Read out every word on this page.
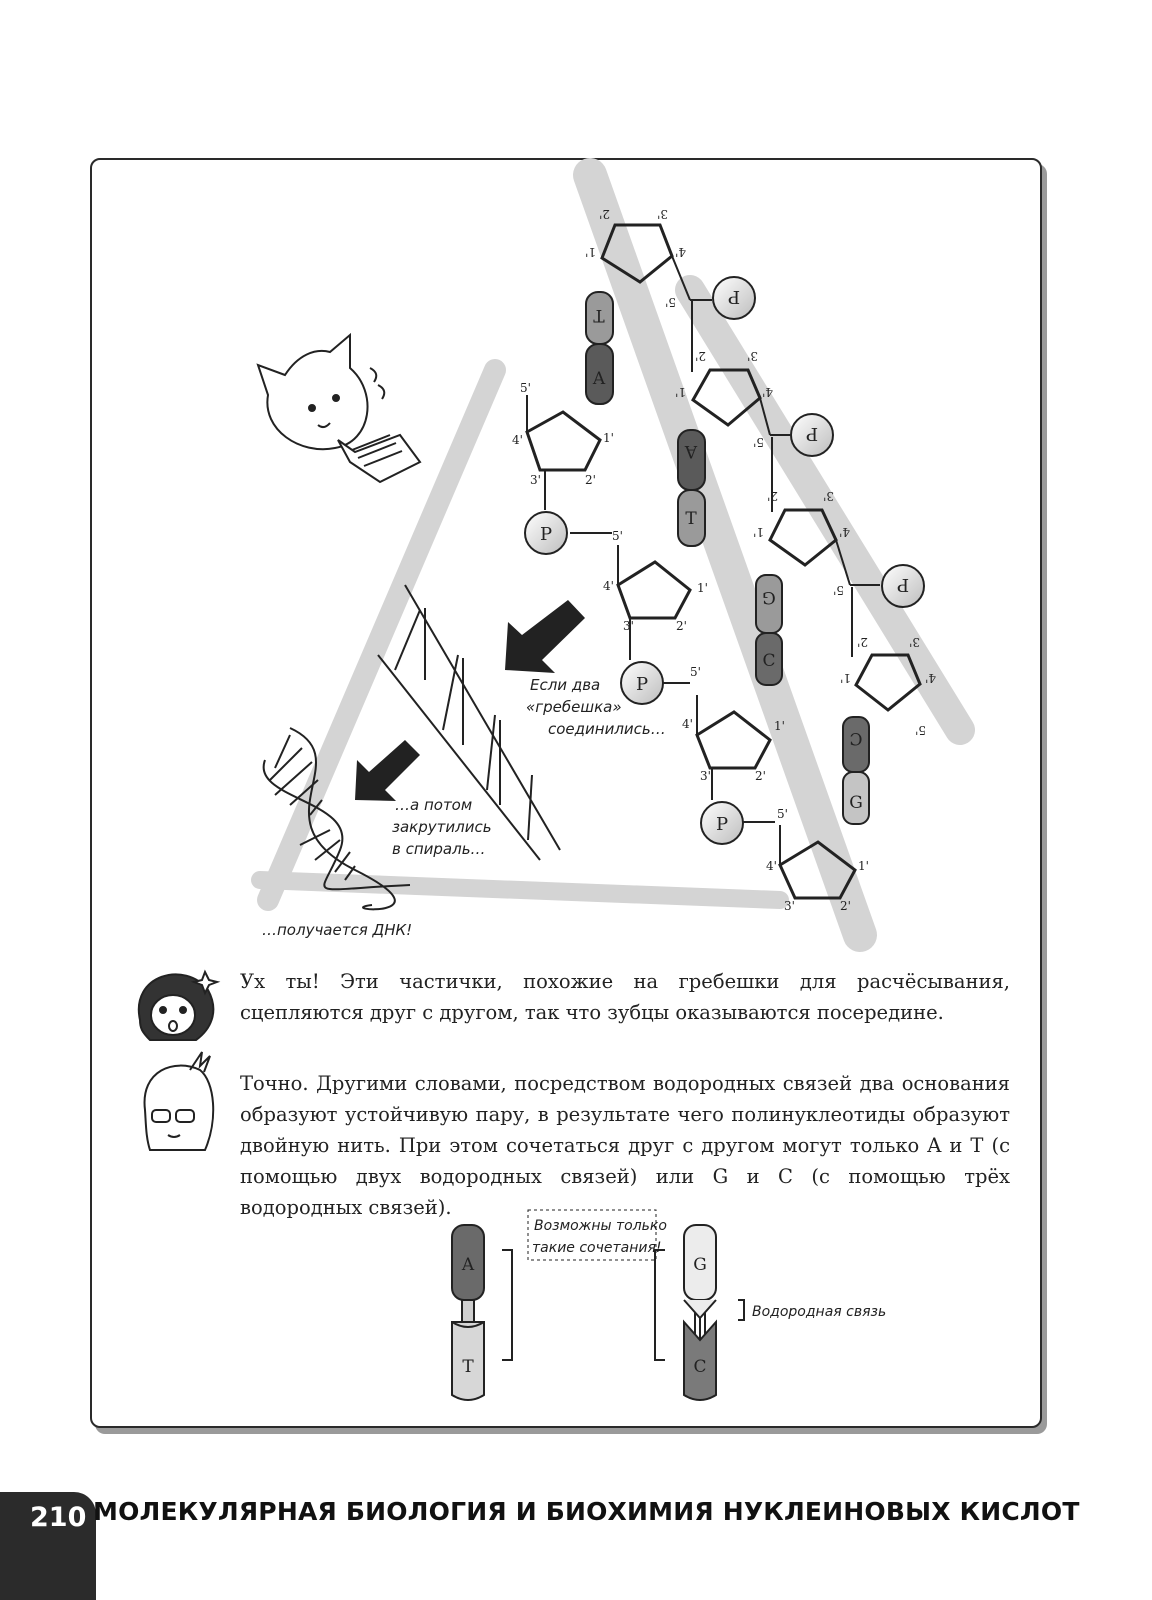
P
P
P
P
P
P
T
A
A
T
G
C
C
G
5'
4'	1'
3'	2'
5'
4'	1'
3'	2'
5'
4'	1'
3'	2'
5'
4'	1'
3'	2'
2'	3'
1'	4'
5'
2'	3'
1'	4'
5'
2'	3'
1'	4'
5'
2'	3'
1'	4'
5'
Если два
«гребешка»
соединились…
…а потом
закрутились
в спираль…
…получается ДНК!
A
T
G
C
Возможны только
такие сочетания!
Водородная связь
Ух ты! Эти частички, похожие на гребешки для расчёсывания, сцепляются друг с другом, так что зубцы оказываются посередине.
Точно. Другими словами, посредством водородных связей два основания образуют устойчивую пару, в результате чего полинуклеотиды образуют двойную нить. При этом сочетаться друг с другом могут только A и T (с помощью двух водородных связей) или G и C (с помощью трёх водородных связей).
210 МОЛЕКУЛЯРНАЯ БИОЛОГИЯ И БИОХИМИЯ НУКЛЕИНОВЫХ КИСЛОТ
